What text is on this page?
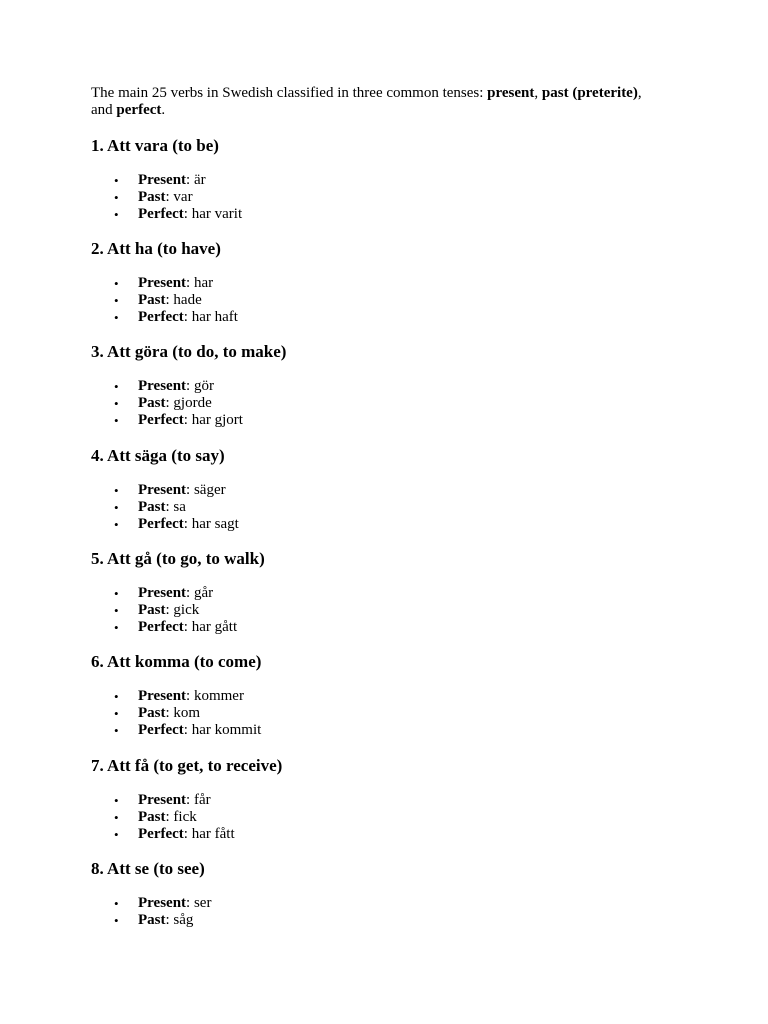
The main 25 verbs in Swedish classified in three common tenses: present, past (preterite),
and perfect.

1. Att vara (to be)
• Present: är
• Past: var
• Perfect: har varit
2. Att ha (to have)
• Present: har
• Past: hade
• Perfect: har haft
3. Att göra (to do, to make)
• Present: gör
• Past: gjorde
• Perfect: har gjort
4. Att säga (to say)
• Present: säger
• Past: sa
• Perfect: har sagt
5. Att gå (to go, to walk)
• Present: går
• Past: gick
• Perfect: har gått
6. Att komma (to come)
• Present: kommer
• Past: kom
• Perfect: har kommit
7. Att få (to get, to receive)
• Present: får
• Past: fick
• Perfect: har fått
8. Att se (to see)
• Present: ser
• Past: såg
